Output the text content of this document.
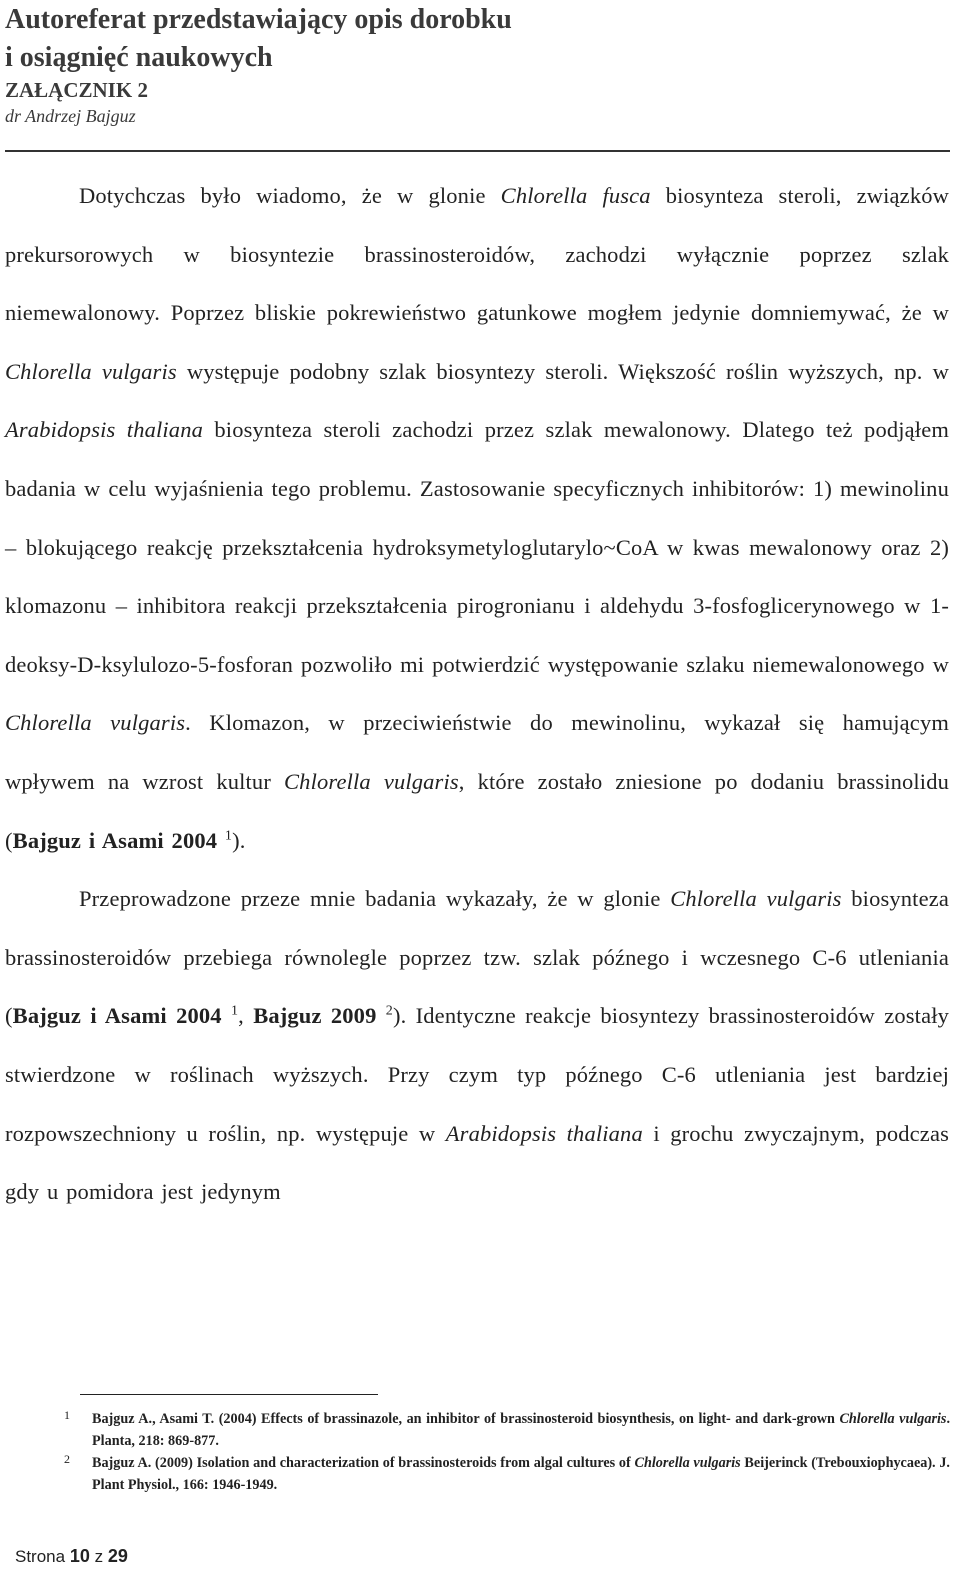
Autoreferat przedstawiający opis dorobku
i osiągnięć naukowych
ZAŁĄCZNIK 2
dr Andrzej Bajguz

Dotychczas było wiadomo, że w glonie Chlorella fusca biosynteza steroli, związków prekursorowych w biosyntezie brassinosteroidów, zachodzi wyłącznie poprzez szlak niemewalonowy. Poprzez bliskie pokrewieństwo gatunkowe mogłem jedynie domniemywać, że w Chlorella vulgaris występuje podobny szlak biosyntezy steroli. Większość roślin wyższych, np. w Arabidopsis thaliana biosynteza steroli zachodzi przez szlak mewalonowy. Dlatego też podjąłem badania w celu wyjaśnienia tego problemu. Zastosowanie specyficznych inhibitorów: 1) mewinolinu – blokującego reakcję przekształcenia hydroksymetyloglutarylo~CoA w kwas mewalonowy oraz 2) klomazonu – inhibitora reakcji przekształcenia pirogronianu i aldehydu 3-fosfoglicerynowego w 1-deoksy-D-ksylulozo-5-fosforan pozwoliło mi potwierdzić występowanie szlaku niemewalonowego w Chlorella vulgaris. Klomazon, w przeciwieństwie do mewinolinu, wykazał się hamującym wpływem na wzrost kultur Chlorella vulgaris, które zostało zniesione po dodaniu brassinolidu (Bajguz i Asami 2004 $^1$).

Przeprowadzone przeze mnie badania wykazały, że w glonie Chlorella vulgaris biosynteza brassinosteroidów przebiega równolegle poprzez tzw. szlak późnego i wczesnego C-6 utleniania (Bajguz i Asami 2004 $^1$, Bajguz 2009 $^2$). Identyczne reakcje biosyntezy brassinosteroidów zostały stwierdzone w roślinach wyższych. Przy czym typ późnego C-6 utleniania jest bardziej rozpowszechniony u roślin, np. występuje w Arabidopsis thaliana i grochu zwyczajnym, podczas gdy u pomidora jest jedynym

1 Bajguz A., Asami T. (2004) Effects of brassinazole, an inhibitor of brassinosteroid biosynthesis, on light- and dark-grown Chlorella vulgaris. Planta, 218: 869-877.

2 Bajguz A. (2009) Isolation and characterization of brassinosteroids from algal cultures of Chlorella vulgaris Beijerinck (Trebouxiophycaea). J. Plant Physiol., 166: 1946-1949.

Strona 10 z 29
